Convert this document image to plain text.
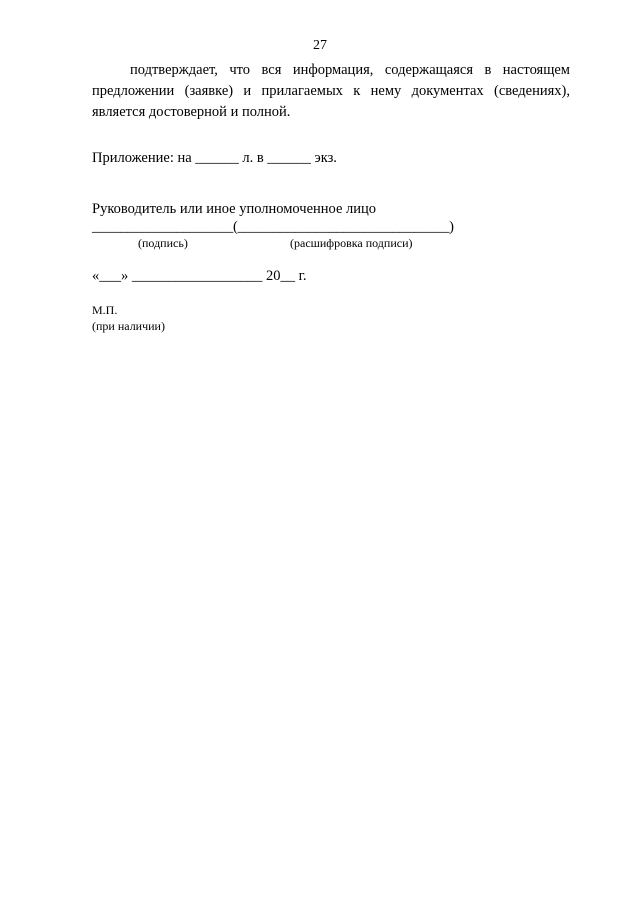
27

подтверждает, что вся информация, содержащаяся в настоящем предложении (заявке) и прилагаемых к нему документах (сведениях), является достоверной и полной.

Приложение: на ______ л. в ______ экз.
Руководитель или иное уполномоченное лицо
____________________(______________________________)
(подпись)	(расшифровка подписи)
«___» __________________ 20__ г.
М.П.
(при наличии)
